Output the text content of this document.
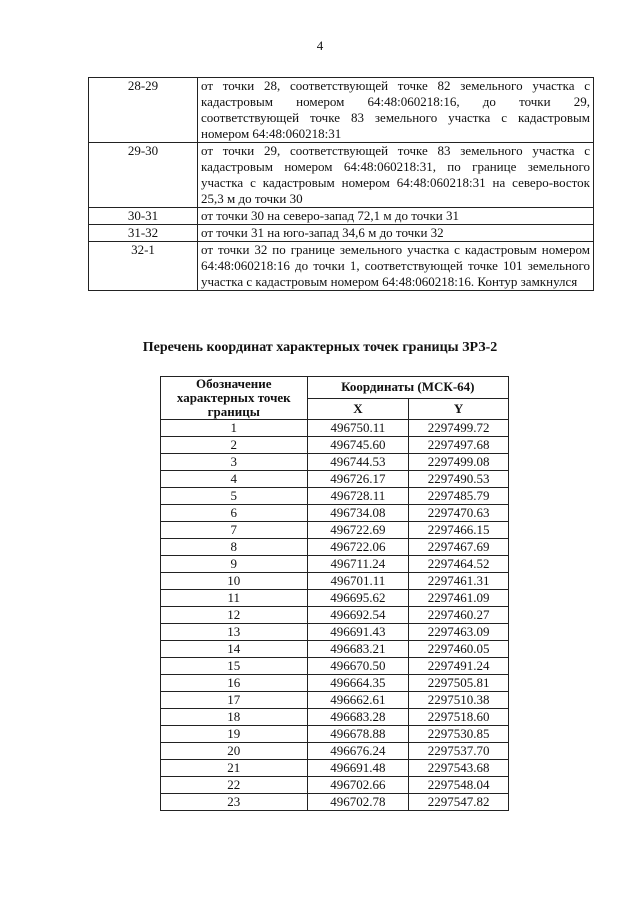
4
28-29	от точки 28, соответствующей точке 82 земельного участка с кадастровым номером 64:48:060218:16, до точки 29, соответствующей точке 83 земельного участка с кадастровым номером 64:48:060218:31
29-30	от точки 29, соответствующей точке 83 земельного участка с кадастровым номером 64:48:060218:31, по границе земельного участка с кадастровым номером 64:48:060218:31 на северо-восток 25,3 м до точки 30
30-31	от точки 30 на северо-запад 72,1 м до точки 31
31-32	от точки 31 на юго-запад 34,6 м до точки 32
32-1	от точки 32 по границе земельного участка с кадастровым номером 64:48:060218:16 до точки 1, соответствующей точке 101 земельного участка с кадастровым номером 64:48:060218:16. Контур замкнулся
Перечень координат характерных точек границы ЗРЗ-2
Обозначение характерных точек границы	Координаты (МСК-64)	
	X	Y
1	496750.11	2297499.72
2	496745.60	2297497.68
3	496744.53	2297499.08
4	496726.17	2297490.53
5	496728.11	2297485.79
6	496734.08	2297470.63
7	496722.69	2297466.15
8	496722.06	2297467.69
9	496711.24	2297464.52
10	496701.11	2297461.31
11	496695.62	2297461.09
12	496692.54	2297460.27
13	496691.43	2297463.09
14	496683.21	2297460.05
15	496670.50	2297491.24
16	496664.35	2297505.81
17	496662.61	2297510.38
18	496683.28	2297518.60
19	496678.88	2297530.85
20	496676.24	2297537.70
21	496691.48	2297543.68
22	496702.66	2297548.04
23	496702.78	2297547.82
